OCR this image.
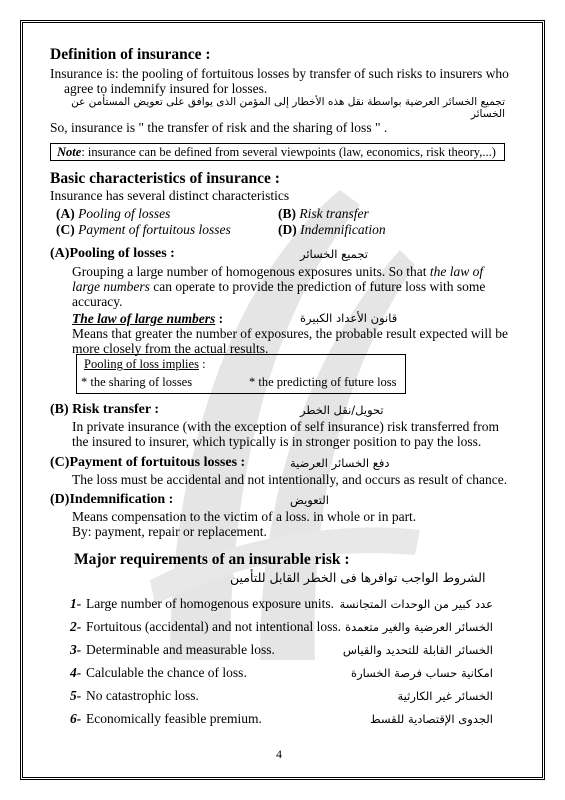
Definition of insurance :
Insurance is: the pooling of fortuitous losses by transfer of such risks to insurers who
agree to indemnify insured for losses.
تجميع الخسائر العرضية بواسطة نقل هذه الأخطار إلى المؤمن الذى يوافق على تعويض المستأمن عن الخسائر
So, insurance is " the transfer of risk and the sharing of loss " .
Note: insurance can be defined from several viewpoints (law, economics, risk theory,...)
Basic characteristics of insurance :
Insurance has several distinct characteristics
(A) Pooling of losses	(B) Risk transfer
(C) Payment of fortuitous losses	(D) Indemnification
(A)Pooling of losses :	تجميع الخسائر
Grouping a large number of homogenous exposures units. So that the law of
large numbers can operate to provide the prediction of future loss with some
accuracy.
The law of large numbers :	قانون الأعداد الكبيرة
Means that greater the number of exposures, the probable result expected will be
more closely from the actual results.
Pooling of loss implies :
* the sharing of losses	* the predicting of future loss
(B) Risk transfer :	تحويل/نقل الخطر
In private insurance (with the exception of self insurance) risk transferred from
the insured to insurer, which typically is in stronger position to pay the loss.
(C)Payment of fortuitous losses :	دفع الخسائر العرضية
The loss must be accidental and not intentionally, and occurs as result of chance.
(D)Indemnification :	التعويض
Means compensation to the victim of a loss. in whole or in part.
By: payment, repair or replacement.
Major requirements of an insurable risk :
الشروط الواجب توافرها فى الخطر القابل للتأمين
1- Large number of homogenous exposure units. عدد كبير من الوحدات المتجانسة
2- Fortuitous (accidental) and not intentional loss. الخسائر العرضية والغير متعمدة
3- Determinable and measurable loss.	الخسائر القابلة للتحديد والقياس
4- Calculable the chance of loss.	امكانية حساب فرصة الخسارة
5- No catastrophic loss.	الخسائر غير الكارثية
6- Economically feasible premium.	الجدوى الإقتصادية للقسط
4
